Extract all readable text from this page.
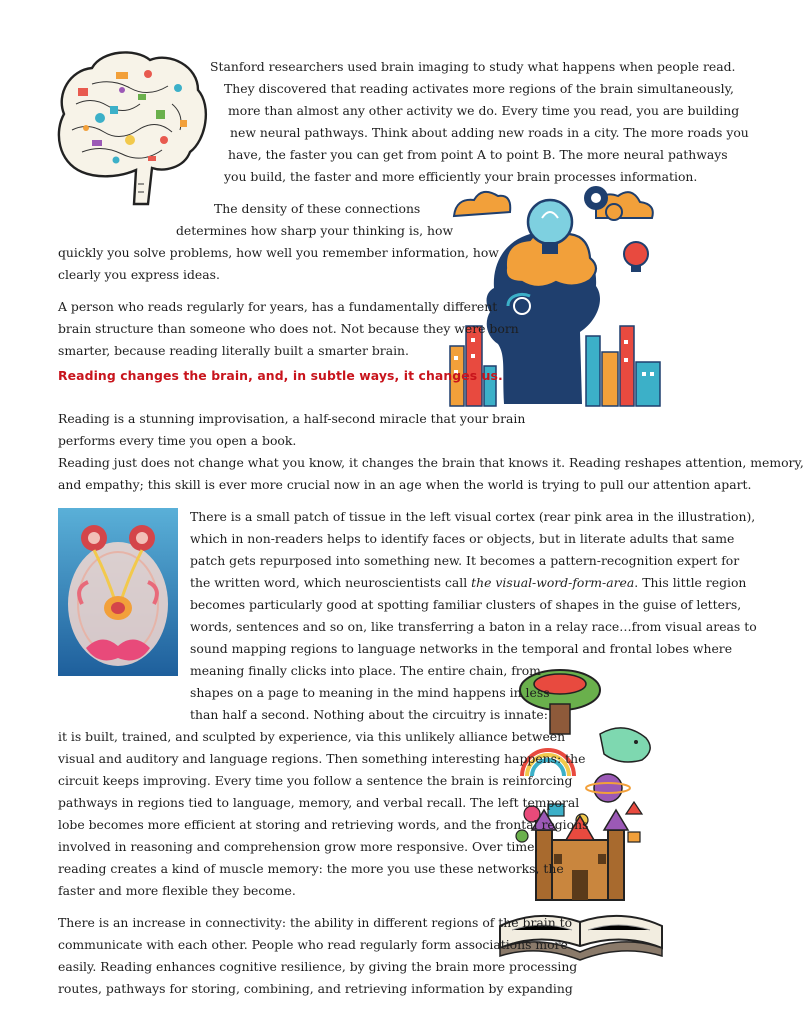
Stanford researchers used brain imaging to study what happens when people read.
They discovered that reading activates more regions of the brain simultaneously,
more than almost any other activity we do. Every time you read, you are building
new neural pathways. Think about adding new roads in a city. The more roads you
have, the faster you can get from point A to point B. The more neural pathways
you build, the faster and more efficiently your brain processes information.
The density of these connections
determines how sharp your thinking is, how
quickly you solve problems, how well you remember information, how
clearly you express ideas.
A person who reads regularly for years, has a fundamentally different
brain structure than someone who does not. Not because they were born
smarter, because reading literally built a smarter brain.
Reading changes the brain, and, in subtle ways, it changes us.
Reading is a stunning improvisation, a half-second miracle that your brain
performs every time you open a book.
Reading just does not change what you know, it changes the brain that knows it. Reading reshapes attention, memory,
and empathy; this skill is ever more crucial now in an age when the world is trying to pull our attention apart.
There is a small patch of tissue in the left visual cortex (rear pink area in the illustration),
which in non-readers helps to identify faces or objects, but in literate adults that same
patch gets repurposed into something new. It becomes a pattern-recognition expert for
the written word, which neuroscientists call the visual-word-form-area. This little region
becomes particularly good at spotting familiar clusters of shapes in the guise of letters,
words, sentences and so on, like transferring a baton in a relay race…from visual areas to
sound mapping regions to language networks in the temporal and frontal lobes where
meaning finally clicks into place. The entire chain, from
shapes on a page to meaning in the mind happens in less
than half a second. Nothing about the circuitry is innate:
it is built, trained, and sculpted by experience, via this unlikely alliance between
visual and auditory and language regions. Then something interesting happens: the
circuit keeps improving. Every time you follow a sentence the brain is reinforcing
pathways in regions tied to language, memory, and verbal recall. The left temporal
lobe becomes more efficient at storing and retrieving words, and the frontal regions
involved in reasoning and comprehension grow more responsive. Over time,
reading creates a kind of muscle memory: the more you use these networks, the
faster and more flexible they become.
There is an increase in connectivity: the ability in different regions of the brain to
communicate with each other. People who read regularly form associations more
easily. Reading enhances cognitive resilience, by giving the brain more processing
routes, pathways for storing, combining, and retrieving information by expanding
